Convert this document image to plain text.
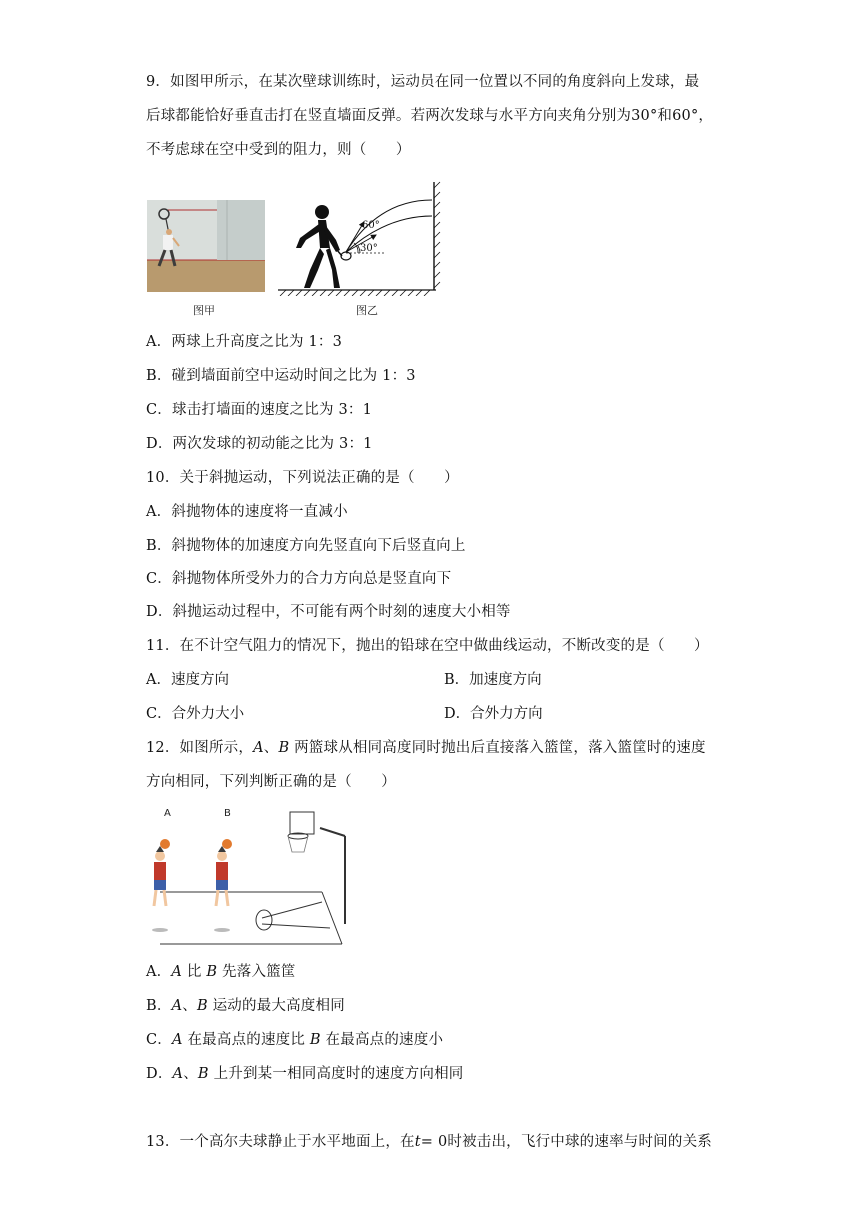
9．如图甲所示，在某次壁球训练时，运动员在同一位置以不同的角度斜向上发球，最
后球都能恰好垂直击打在竖直墙面反弹。若两次发球与水平方向夹角分别为30°和60°，
不考虑球在空中受到的阻力，则（　　）
图甲
60°
30°
图乙
A．两球上升高度之比为 1：3
B．碰到墙面前空中运动时间之比为 1：3
C．球击打墙面的速度之比为 3：1
D．两次发球的初动能之比为 3：1
10．关于斜抛运动，下列说法正确的是（　　）
A．斜抛物体的速度将一直减小
B．斜抛物体的加速度方向先竖直向下后竖直向上
C．斜抛物体所受外力的合力方向总是竖直向下
D．斜抛运动过程中，不可能有两个时刻的速度大小相等
11．在不计空气阻力的情况下，抛出的铅球在空中做曲线运动，不断改变的是（　　）
A．速度方向	B．加速度方向
C．合外力大小	D．合外力方向
12．如图所示，A、B 两篮球从相同高度同时抛出后直接落入篮筐，落入篮筐时的速度
方向相同，下列判断正确的是（　　）
A	B
A．A 比 B 先落入篮筐
B．A、B 运动的最大高度相同
C．A 在最高点的速度比 B 在最高点的速度小
D．A、B 上升到某一相同高度时的速度方向相同
13．一个高尔夫球静止于水平地面上，在t= 0时被击出，飞行中球的速率与时间的关系
